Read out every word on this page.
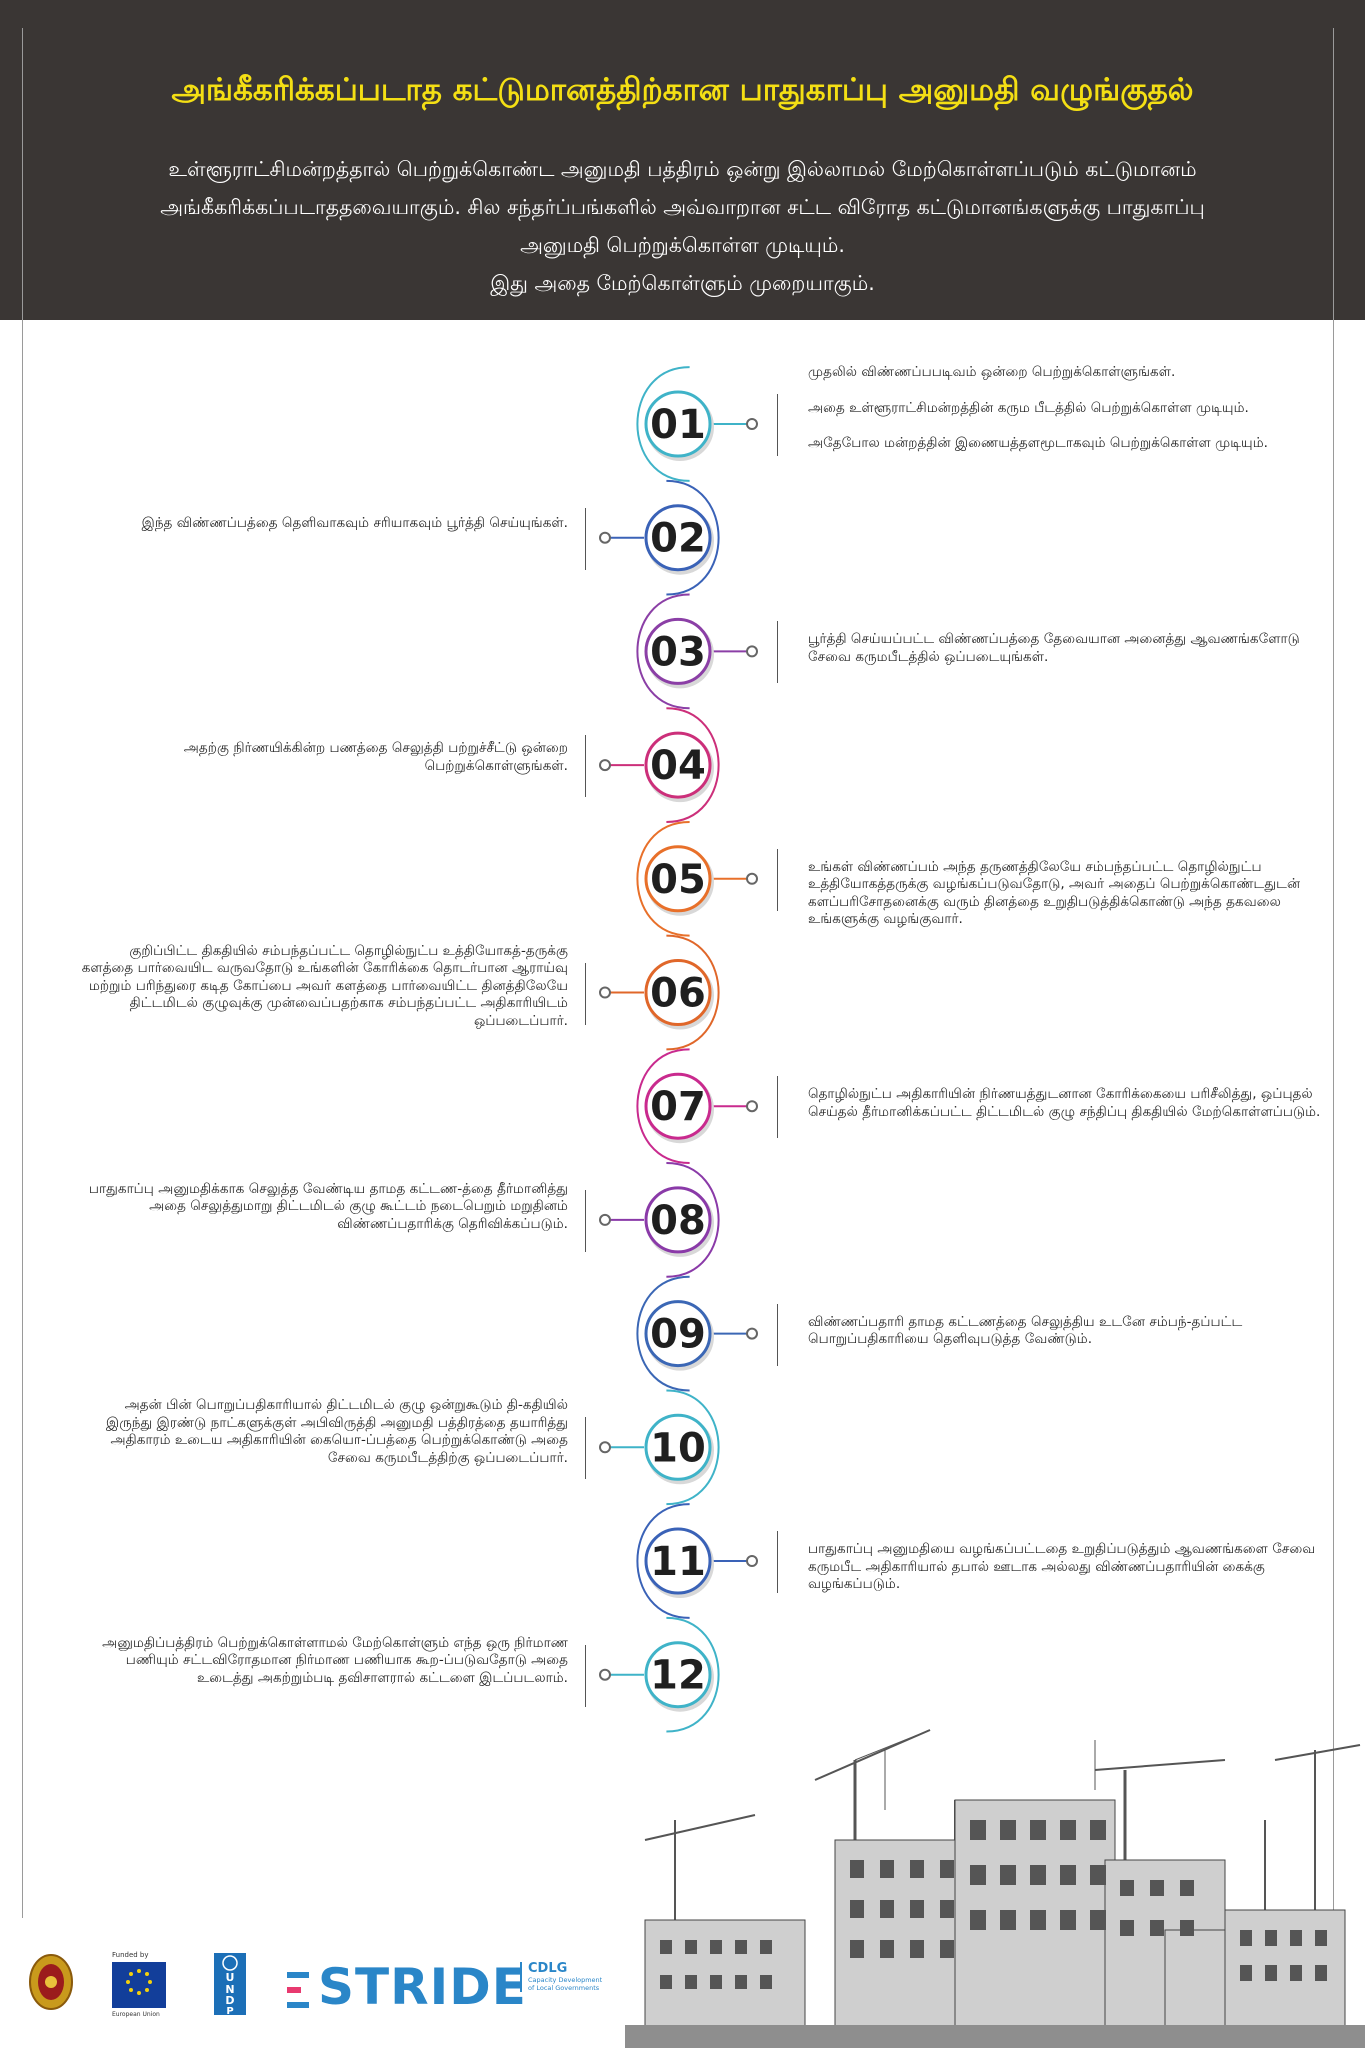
அங்கீகரிக்கப்படாத கட்டுமானத்திற்கான பாதுகாப்பு அனுமதி வழுங்குதல்
உள்ளூராட்சிமன்றத்தால் பெற்றுக்கொண்ட அனுமதி பத்திரம் ஒன்று இல்லாமல் மேற்கொள்ளப்படும் கட்டுமானம்
அங்கீகரிக்கப்படாததவையாகும். சில சந்தர்ப்பங்களில் அவ்வாறான சட்ட விரோத கட்டுமானங்களுக்கு பாதுகாப்பு
அனுமதி பெற்றுக்கொள்ள முடியும்.
இது அதை மேற்கொள்ளும் முறையாகும்.
01
02
03
04
05
06
07
08
09
10
11
12

முதலில் விண்ணப்பபடிவம் ஒன்றை பெற்றுக்கொள்ளுங்கள்.

அதை உள்ளூராட்சிமன்றத்தின் கரும பீடத்தில் பெற்றுக்கொள்ள முடியும்.

அதேபோல மன்றத்தின் இணையத்தளமூடாகவும் பெற்றுக்கொள்ள முடியும்.

இந்த விண்ணப்பத்தை தெளிவாகவும் சரியாகவும் பூர்த்தி செய்யுங்கள்.

பூர்த்தி செய்யப்பட்ட விண்ணப்பத்தை தேவையான அனைத்து ஆவணங்களோடு சேவை கருமபீடத்தில் ஒப்படையுங்கள்.

அதற்கு நிர்ணயிக்கின்ற பணத்தை செலுத்தி பற்றுச்சீட்டு ஒன்றை பெற்றுக்கொள்ளுங்கள்.

உங்கள் விண்ணப்பம் அந்த தருணத்திலேயே சம்பந்தப்பட்ட தொழில்நுட்ப உத்தியோகத்தருக்கு வழங்கப்படுவதோடு, அவர் அதைப் பெற்றுக்கொண்டதுடன் களப்பரிசோதனைக்கு வரும் தினத்தை உறுதிபடுத்திக்கொண்டு அந்த தகவலை உங்களுக்கு வழங்குவார்.

குறிப்பிட்ட திகதியில் சம்பந்தப்பட்ட தொழில்நுட்ப உத்தியோகத்-தருக்கு களத்தை பார்வையிட வருவதோடு உங்களின் கோரிக்கை தொடர்பான ஆராய்வு மற்றும் பரிந்துரை கடித கோப்பை அவர் களத்தை பார்வையிட்ட தினத்திலேயே திட்டமிடல் குழுவுக்கு முன்வைப்பதற்காக சம்பந்தப்பட்ட அதிகாரியிடம் ஒப்படைப்பார்.

தொழில்நுட்ப அதிகாரியின் நிர்ணயத்துடனான கோரிக்கையை பரிசீலித்து, ஒப்புதல் செய்தல் தீர்மானிக்கப்பட்ட திட்டமிடல் குழு சந்திப்பு திகதியில் மேற்கொள்ளப்படும்.

பாதுகாப்பு அனுமதிக்காக செலுத்த வேண்டிய தாமத கட்டண-த்தை தீர்மானித்து அதை செலுத்துமாறு திட்டமிடல் குழு கூட்டம் நடைபெறும் மறுதினம் விண்ணப்பதாரிக்கு தெரிவிக்கப்படும்.

விண்ணப்பதாரி தாமத கட்டணத்தை செலுத்திய உடனே சம்பந்-தப்பட்ட பொறுப்பதிகாரியை தெளிவுபடுத்த வேண்டும்.

அதன் பின் பொறுப்பதிகாரியால் திட்டமிடல் குழு ஒன்றுகூடும் தி-கதியில் இருந்து இரண்டு நாட்களுக்குள் அபிவிருத்தி அனுமதி பத்திரத்தை தயாரித்து அதிகாரம் உடைய அதிகாரியின் கையொ-ப்பத்தை பெற்றுக்கொண்டு அதை சேவை கருமபீடத்திற்கு ஒப்படைப்பார்.

பாதுகாப்பு அனுமதியை வழங்கப்பட்டதை உறுதிப்படுத்தும் ஆவணங்களை சேவை கருமபீட அதிகாரியால் தபால் ஊடாக அல்லது விண்ணப்பதாரியின் கைக்கு வழங்கப்படும்.

அனுமதிப்பத்திரம் பெற்றுக்கொள்ளாமல் மேற்கொள்ளும் எந்த ஒரு நிர்மாண பணியும் சட்டவிரோதமான நிர்மாண பணியாக கூற-ப்படுவதோடு அதை உடைத்து அகற்றும்படி தவிசாளரால் கட்டளை இடப்படலாம்.

Funded by
European Union
U
N
D
P STRIDE CDLG
Capacity Development
of Local Governments
